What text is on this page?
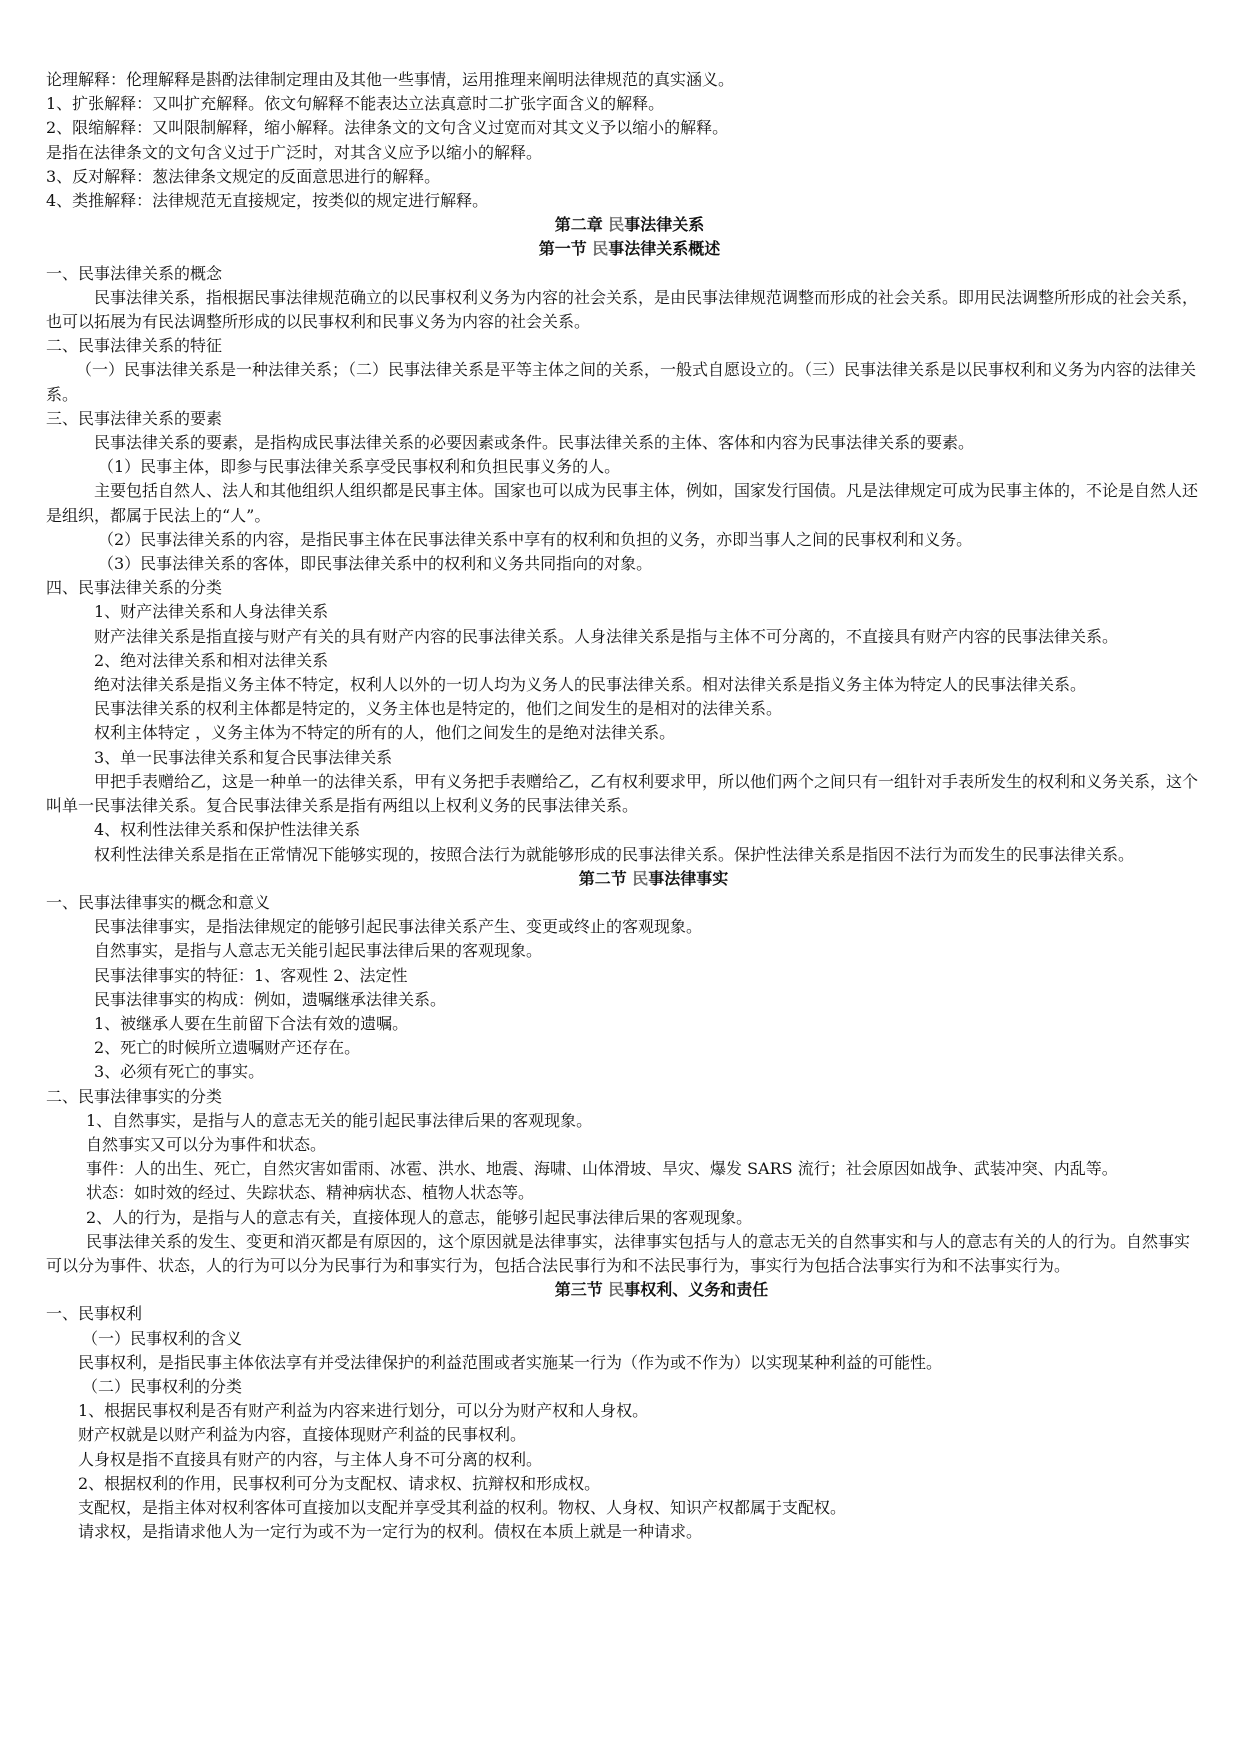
论理解释：伦理解释是斟酌法律制定理由及其他一些事情，运用推理来阐明法律规范的真实涵义。
1、扩张解释：又叫扩充解释。依文句解释不能表达立法真意时二扩张字面含义的解释。
2、限缩解释：又叫限制解释，缩小解释。法律条文的文句含义过宽而对其文义予以缩小的解释。
是指在法律条文的文句含义过于广泛时，对其含义应予以缩小的解释。
3、反对解释：葱法律条文规定的反面意思进行的解释。
4、类推解释：法律规范无直接规定，按类似的规定进行解释。
第二章 民事法律关系
第一节 民事法律关系概述
一、民事法律关系的概念
民事法律关系，指根据民事法律规范确立的以民事权利义务为内容的社会关系，是由民事法律规范调整而形成的社会关系。即用民法调整所形成的社会关系，也可以拓展为有民法调整所形成的以民事权利和民事义务为内容的社会关系。
二、民事法律关系的特征
（一）民事法律关系是一种法律关系；（二）民事法律关系是平等主体之间的关系，一般式自愿设立的。（三）民事法律关系是以民事权利和义务为内容的法律关系。
三、民事法律关系的要素
民事法律关系的要素，是指构成民事法律关系的必要因素或条件。民事法律关系的主体、客体和内容为民事法律关系的要素。
（1）民事主体，即参与民事法律关系享受民事权利和负担民事义务的人。
主要包括自然人、法人和其他组织人组织都是民事主体。国家也可以成为民事主体，例如，国家发行国债。凡是法律规定可成为民事主体的，不论是自然人还是组织，都属于民法上的“人”。
（2）民事法律关系的内容，是指民事主体在民事法律关系中享有的权利和负担的义务，亦即当事人之间的民事权利和义务。
（3）民事法律关系的客体，即民事法律关系中的权利和义务共同指向的对象。
四、民事法律关系的分类
1、财产法律关系和人身法律关系
财产法律关系是指直接与财产有关的具有财产内容的民事法律关系。人身法律关系是指与主体不可分离的，不直接具有财产内容的民事法律关系。
2、绝对法律关系和相对法律关系
绝对法律关系是指义务主体不特定，权利人以外的一切人均为义务人的民事法律关系。相对法律关系是指义务主体为特定人的民事法律关系。
民事法律关系的权利主体都是特定的，义务主体也是特定的，他们之间发生的是相对的法律关系。
权利主体特定 ，义务主体为不特定的所有的人，他们之间发生的是绝对法律关系。
3、单一民事法律关系和复合民事法律关系
甲把手表赠给乙，这是一种单一的法律关系，甲有义务把手表赠给乙，乙有权利要求甲，所以他们两个之间只有一组针对手表所发生的权利和义务关系，这个叫单一民事法律关系。复合民事法律关系是指有两组以上权利义务的民事法律关系。
4、权利性法律关系和保护性法律关系
权利性法律关系是指在正常情况下能够实现的，按照合法行为就能够形成的民事法律关系。保护性法律关系是指因不法行为而发生的民事法律关系。
第二节 民事法律事实
一、民事法律事实的概念和意义
民事法律事实，是指法律规定的能够引起民事法律关系产生、变更或终止的客观现象。
自然事实，是指与人意志无关能引起民事法律后果的客观现象。
民事法律事实的特征：1、客观性 2、法定性
民事法律事实的构成：例如，遗嘱继承法律关系。
1、被继承人要在生前留下合法有效的遗嘱。
2、死亡的时候所立遗嘱财产还存在。
3、必须有死亡的事实。
二、民事法律事实的分类
1、自然事实，是指与人的意志无关的能引起民事法律后果的客观现象。
自然事实又可以分为事件和状态。
事件：人的出生、死亡，自然灾害如雷雨、冰雹、洪水、地震、海啸、山体滑坡、旱灾、爆发 SARS 流行；社会原因如战争、武装冲突、内乱等。
状态：如时效的经过、失踪状态、精神病状态、植物人状态等。
2、人的行为，是指与人的意志有关，直接体现人的意志，能够引起民事法律后果的客观现象。
民事法律关系的发生、变更和消灭都是有原因的，这个原因就是法律事实，法律事实包括与人的意志无关的自然事实和与人的意志有关的人的行为。自然事实可以分为事件、状态，人的行为可以分为民事行为和事实行为，包括合法民事行为和不法民事行为，事实行为包括合法事实行为和不法事实行为。
第三节 民事权利、义务和责任
一、民事权利
（一）民事权利的含义
民事权利，是指民事主体依法享有并受法律保护的利益范围或者实施某一行为（作为或不作为）以实现某种利益的可能性。
（二）民事权利的分类
1、根据民事权利是否有财产利益为内容来进行划分，可以分为财产权和人身权。
财产权就是以财产利益为内容，直接体现财产利益的民事权利。
人身权是指不直接具有财产的内容，与主体人身不可分离的权利。
2、根据权利的作用，民事权利可分为支配权、请求权、抗辩权和形成权。
支配权，是指主体对权利客体可直接加以支配并享受其利益的权利。物权、人身权、知识产权都属于支配权。
请求权，是指请求他人为一定行为或不为一定行为的权利。债权在本质上就是一种请求。
